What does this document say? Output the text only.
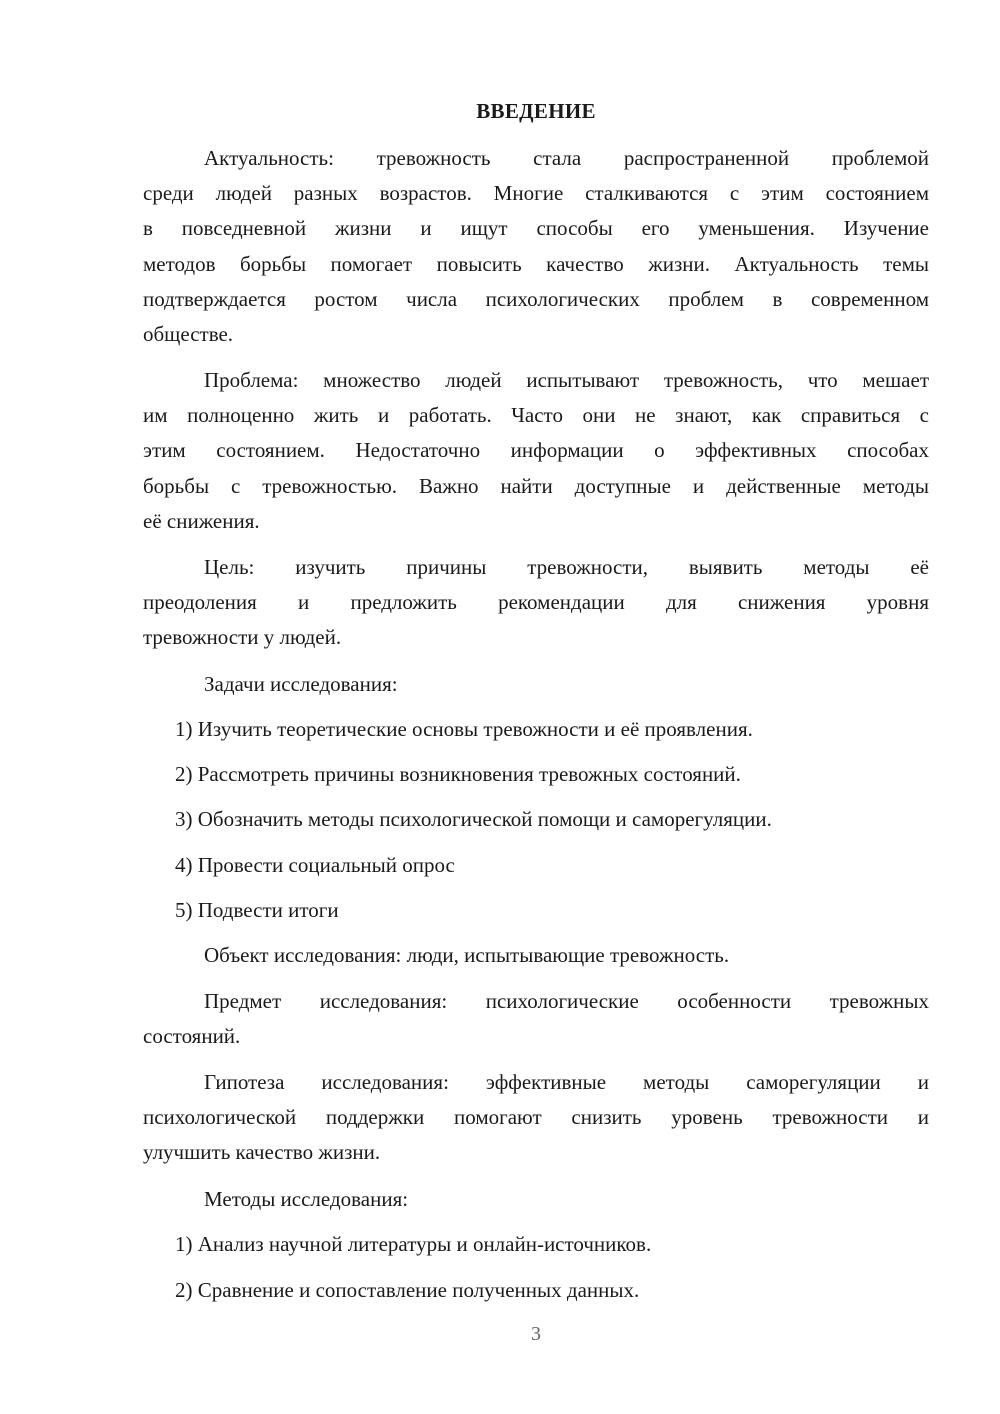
ВВЕДЕНИЕ
Актуальность: тревожность стала распространенной проблемой
среди людей разных возрастов. Многие сталкиваются с этим состоянием
в повседневной жизни и ищут способы его уменьшения. Изучение
методов борьбы помогает повысить качество жизни. Актуальность темы
подтверждается ростом числа психологических проблем в современном
обществе.
Проблема: множество людей испытывают тревожность, что мешает
им полноценно жить и работать. Часто они не знают, как справиться с
этим состоянием. Недостаточно информации о эффективных способах
борьбы с тревожностью. Важно найти доступные и действенные методы
её снижения.
Цель: изучить причины тревожности, выявить методы её
преодоления и предложить рекомендации для снижения уровня
тревожности у людей.
Задачи исследования:
1) Изучить теоретические основы тревожности и её проявления.
2) Рассмотреть причины возникновения тревожных состояний.
3) Обозначить методы психологической помощи и саморегуляции.
4) Провести социальный опрос
5) Подвести итоги
Объект исследования: люди, испытывающие тревожность.
Предмет исследования: психологические особенности тревожных
состояний.
Гипотеза исследования: эффективные методы саморегуляции и
психологической поддержки помогают снизить уровень тревожности и
улучшить качество жизни.
Методы исследования:
1) Анализ научной литературы и онлайн-источников.
2) Сравнение и сопоставление полученных данных.
3
